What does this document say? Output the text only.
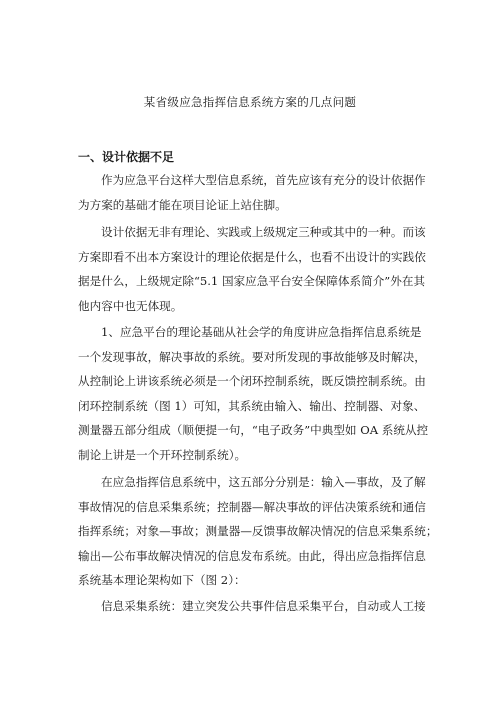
某省级应急指挥信息系统方案的几点问题
一、设计依据不足
作为应急平台这样大型信息系统，首先应该有充分的设计依据作
为方案的基础才能在项目论证上站住脚。
设计依据无非有理论、实践或上级规定三种或其中的一种。而该
方案即看不出本方案设计的理论依据是什么，也看不出设计的实践依
据是什么，上级规定除“5.1 国家应急平台安全保障体系简介”外在其
他内容中也无体现。
1、应急平台的理论基础从社会学的角度讲应急指挥信息系统是
一个发现事故，解决事故的系统。要对所发现的事故能够及时解决，
从控制论上讲该系统必须是一个闭环控制系统，既反馈控制系统。由
闭环控制系统（图 1）可知，其系统由输入、输出、控制器、对象、
测量器五部分组成（顺便提一句，“电子政务”中典型如 OA 系统从控
制论上讲是一个开环控制系统）。
在应急指挥信息系统中，这五部分分别是：输入—事故，及了解
事故情况的信息采集系统；控制器—解决事故的评估决策系统和通信
指挥系统；对象—事故；测量器—反馈事故解决情况的信息采集系统；
输出—公布事故解决情况的信息发布系统。由此，得出应急指挥信息
系统基本理论架构如下（图 2）：
信息采集系统：建立突发公共事件信息采集平台，自动或人工接
